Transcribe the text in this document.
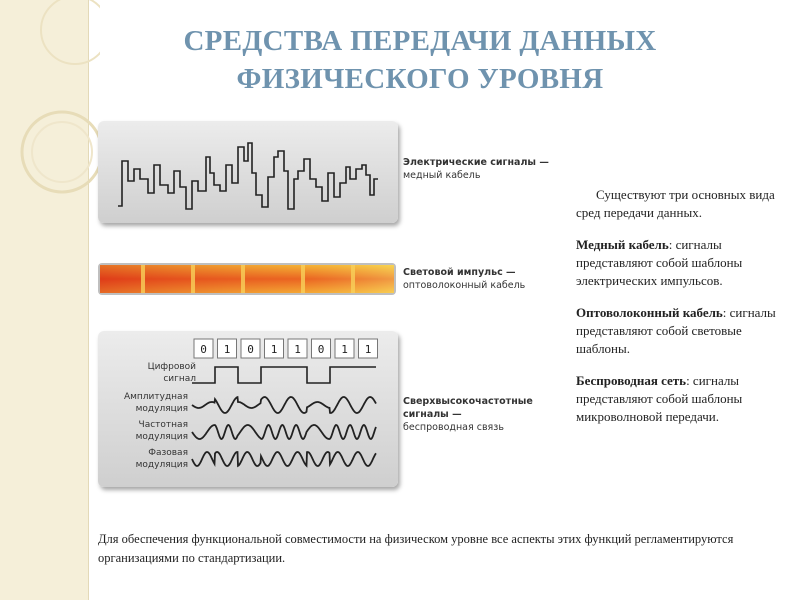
СРЕДСТВА ПЕРЕДАЧИ ДАННЫХ
ФИЗИЧЕСКОГО УРОВНЯ
Электрические сигналы —
медный кабель
Световой импульс —
оптоволоконный кабель
0 1 0 1 1 0 1 1
Цифровой
сигнал
Амплитудная
модуляция
Частотная
модуляция
Фазовая
модуляция
Сверхвысокочастотные
сигналы —
беспроводная связь

Существуют три основных вида сред передачи данных.

Медный кабель: сигналы представляют собой шаблоны электрических импульсов.

Оптоволоконный кабель: сигналы представляют собой световые шаблоны.

Беспроводная сеть: сигналы представляют собой шаблоны микроволновой передачи.

Для обеспечения функциональной совместимости на физическом уровне все аспекты этих функций регламентируются организациями по стандартизации.
